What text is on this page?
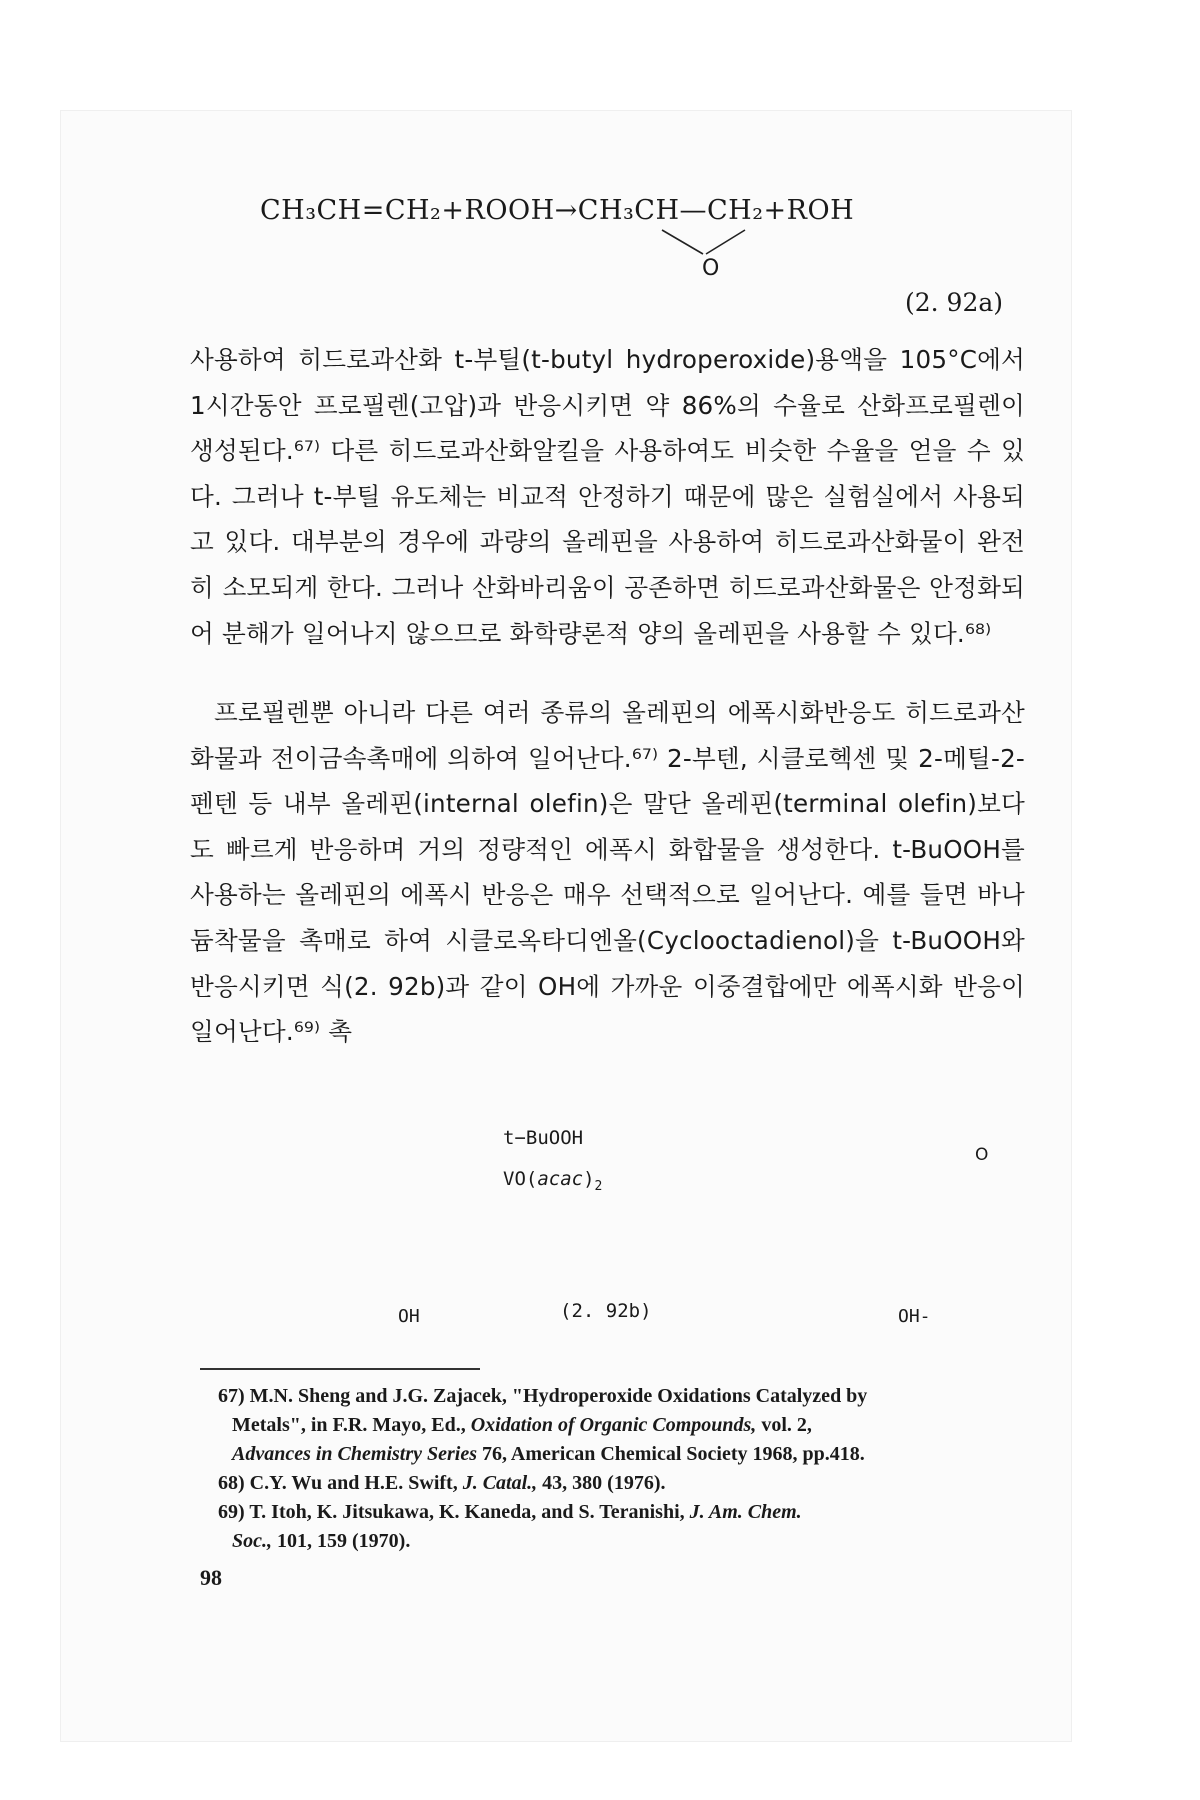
CH₃CH=CH₂+ROOH→CH₃CH—CH₂+ROH
O
(2. 92a)
사용하여 히드로과산화 t-부틸(t-butyl hydroperoxide)용액을 105°C에서 1시간동안 프로필렌(고압)과 반응시키면 약 86%의 수율로 산화프로필렌이 생성된다.⁶⁷⁾ 다른 히드로과산화알킬을 사용하여도 비슷한 수율을 얻을 수 있다. 그러나 t-부틸 유도체는 비교적 안정하기 때문에 많은 실험실에서 사용되고 있다. 대부분의 경우에 과량의 올레핀을 사용하여 히드로과산화물이 완전히 소모되게 한다. 그러나 산화바리움이 공존하면 히드로과산화물은 안정화되어 분해가 일어나지 않으므로 화학량론적 양의 올레핀을 사용할 수 있다.⁶⁸⁾
프로필렌뿐 아니라 다른 여러 종류의 올레핀의 에폭시화반응도 히드로과산화물과 전이금속촉매에 의하여 일어난다.⁶⁷⁾ 2-부텐, 시클로헥센 및 2-메틸-2-펜텐 등 내부 올레핀(internal olefin)은 말단 올레핀(terminal olefin)보다도 빠르게 반응하며 거의 정량적인 에폭시 화합물을 생성한다. t-BuOOH를 사용하는 올레핀의 에폭시 반응은 매우 선택적으로 일어난다. 예를 들면 바나듐착물을 촉매로 하여 시클로옥타디엔올(Cyclooctadienol)을 t-BuOOH와 반응시키면 식(2. 92b)과 같이 OH에 가까운 이중결합에만 에폭시화 반응이 일어난다.⁶⁹⁾ 촉
t−BuOOH
$VO(acac)_2$
OH	OH-
O
(2. 92b)

67) M.N. Sheng and J.G. Zajacek, "Hydroperoxide Oxidations Catalyzed by
Metals", in F.R. Mayo, Ed., Oxidation of Organic Compounds, vol. 2,
Advances in Chemistry Series 76, American Chemical Society 1968, pp.418.

68) C.Y. Wu and H.E. Swift, J. Catal., 43, 380 (1976).

69) T. Itoh, K. Jitsukawa, K. Kaneda, and S. Teranishi, J. Am. Chem.
Soc., 101, 159 (1970).

98
